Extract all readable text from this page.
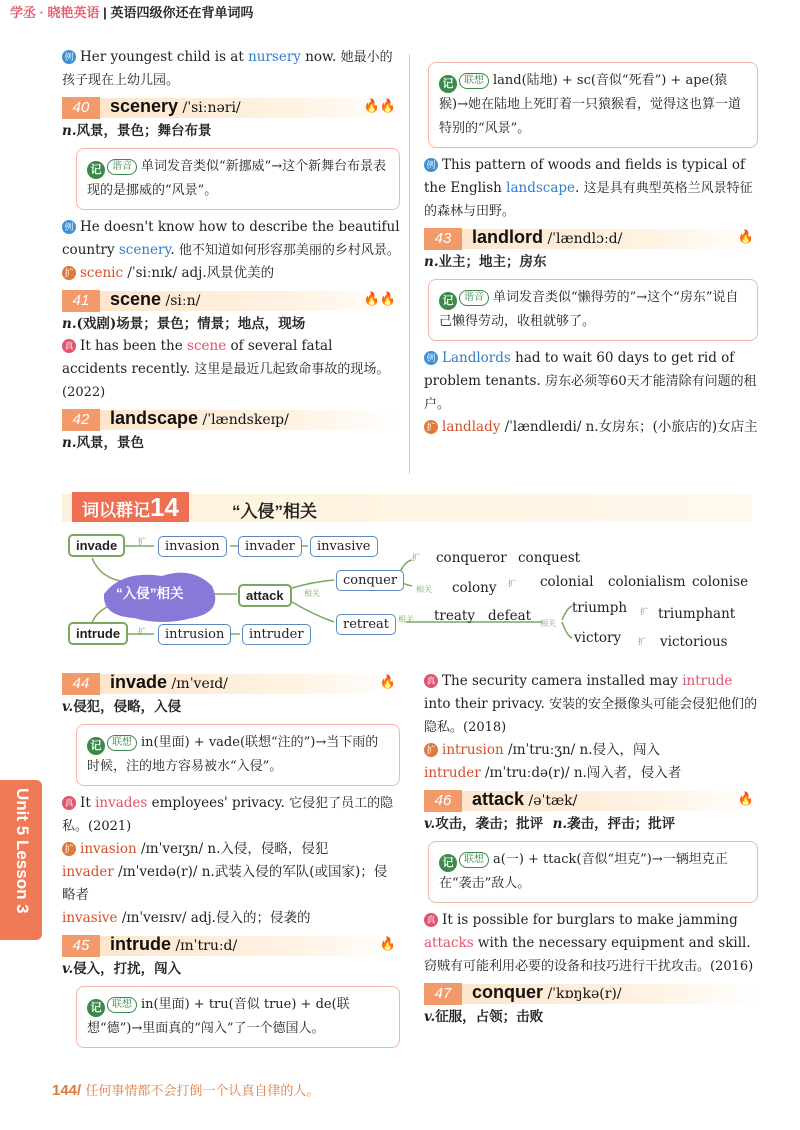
学丞 · 晓艳英语 | 英语四级你还在背单词吗

例 Her youngest child is at nursery now. 她最小的孩子现在上幼儿园。

40	scenery /ˈsiːnəri/	🔥🔥

n.风景，景色；舞台布景

记 谐音 单词发音类似“新挪威”→这个新舞台布景表现的是挪威的“风景”。

例 He doesn't know how to describe the beautiful country scenery. 他不知道如何形容那美丽的乡村风景。

扩 scenic /ˈsiːnɪk/ adj.风景优美的

41	scene /siːn/	🔥🔥

n.(戏剧)场景；景色；情景；地点，现场

真 It has been the scene of several fatal accidents recently. 这里是最近几起致命事故的现场。(2022)

42	landscape /ˈlændskeɪp/

n.风景，景色

记 联想 land(陆地) + sc(音似“死看”) + ape(猿猴)→她在陆地上死盯着一只猿猴看，觉得这也算一道特别的“风景”。

例 This pattern of woods and fields is typical of the English landscape. 这是具有典型英格兰风景特征的森林与田野。

43	landlord /ˈlændlɔːd/	🔥

n.业主；地主；房东

记 谐音 单词发音类似“懒得劳的”→这个“房东”说自己懒得劳动，收租就够了。

例 Landlords had to wait 60 days to get rid of problem tenants. 房东必须等60天才能清除有问题的租户。

扩 landlady /ˈlændleɪdi/ n.女房东；(小旅店的)女店主

词以群记14	“入侵”相关
invade	扩	invasion	invader	invasive
“入侵”相关	attack	相关
intrude	扩	intrusion	intruder
conquer
retreat
扩 conqueror conquest
相关 colony 扩 colonial colonialism colonise
相关 treaty defeat 相关
triumph 扩 triumphant
victory 扩 victorious
44	invade /ɪnˈveɪd/	🔥

v.侵犯，侵略，入侵

记 联想 in(里面) + vade(联想“注的”)→当下雨的时候，注的地方容易被水“入侵”。

真 It invades employees' privacy. 它侵犯了员工的隐私。(2021)

扩 invasion /ɪnˈveɪʒn/ n.入侵，侵略，侵犯

invader /ɪnˈveɪdə(r)/ n.武装入侵的军队(或国家)；侵略者

invasive /ɪnˈveɪsɪv/ adj.侵入的；侵袭的

45	intrude /ɪnˈtruːd/	🔥

v.侵入，打扰，闯入

记 联想 in(里面) + tru(音似 true) + de(联想“德”)→里面真的“闯入”了一个德国人。

真 The security camera installed may intrude into their privacy. 安装的安全摄像头可能会侵犯他们的隐私。(2018)

扩 intrusion /ɪnˈtruːʒn/ n.侵入，闯入

intruder /ɪnˈtruːdə(r)/ n.闯入者，侵入者

46	attack /əˈtæk/	🔥

v.攻击，袭击；批评 n.袭击，抨击；批评

记 联想 a(一) + ttack(音似“坦克”)→一辆坦克正在“袭击”敌人。

真 It is possible for burglars to make jamming attacks with the necessary equipment and skill. 窃贼有可能利用必要的设备和技巧进行干扰攻击。(2016)

47	conquer /ˈkɒŋkə(r)/

v.征服，占领；击败

Unit 5 Lesson 3
144/ 任何事情都不会打倒一个认真自律的人。
